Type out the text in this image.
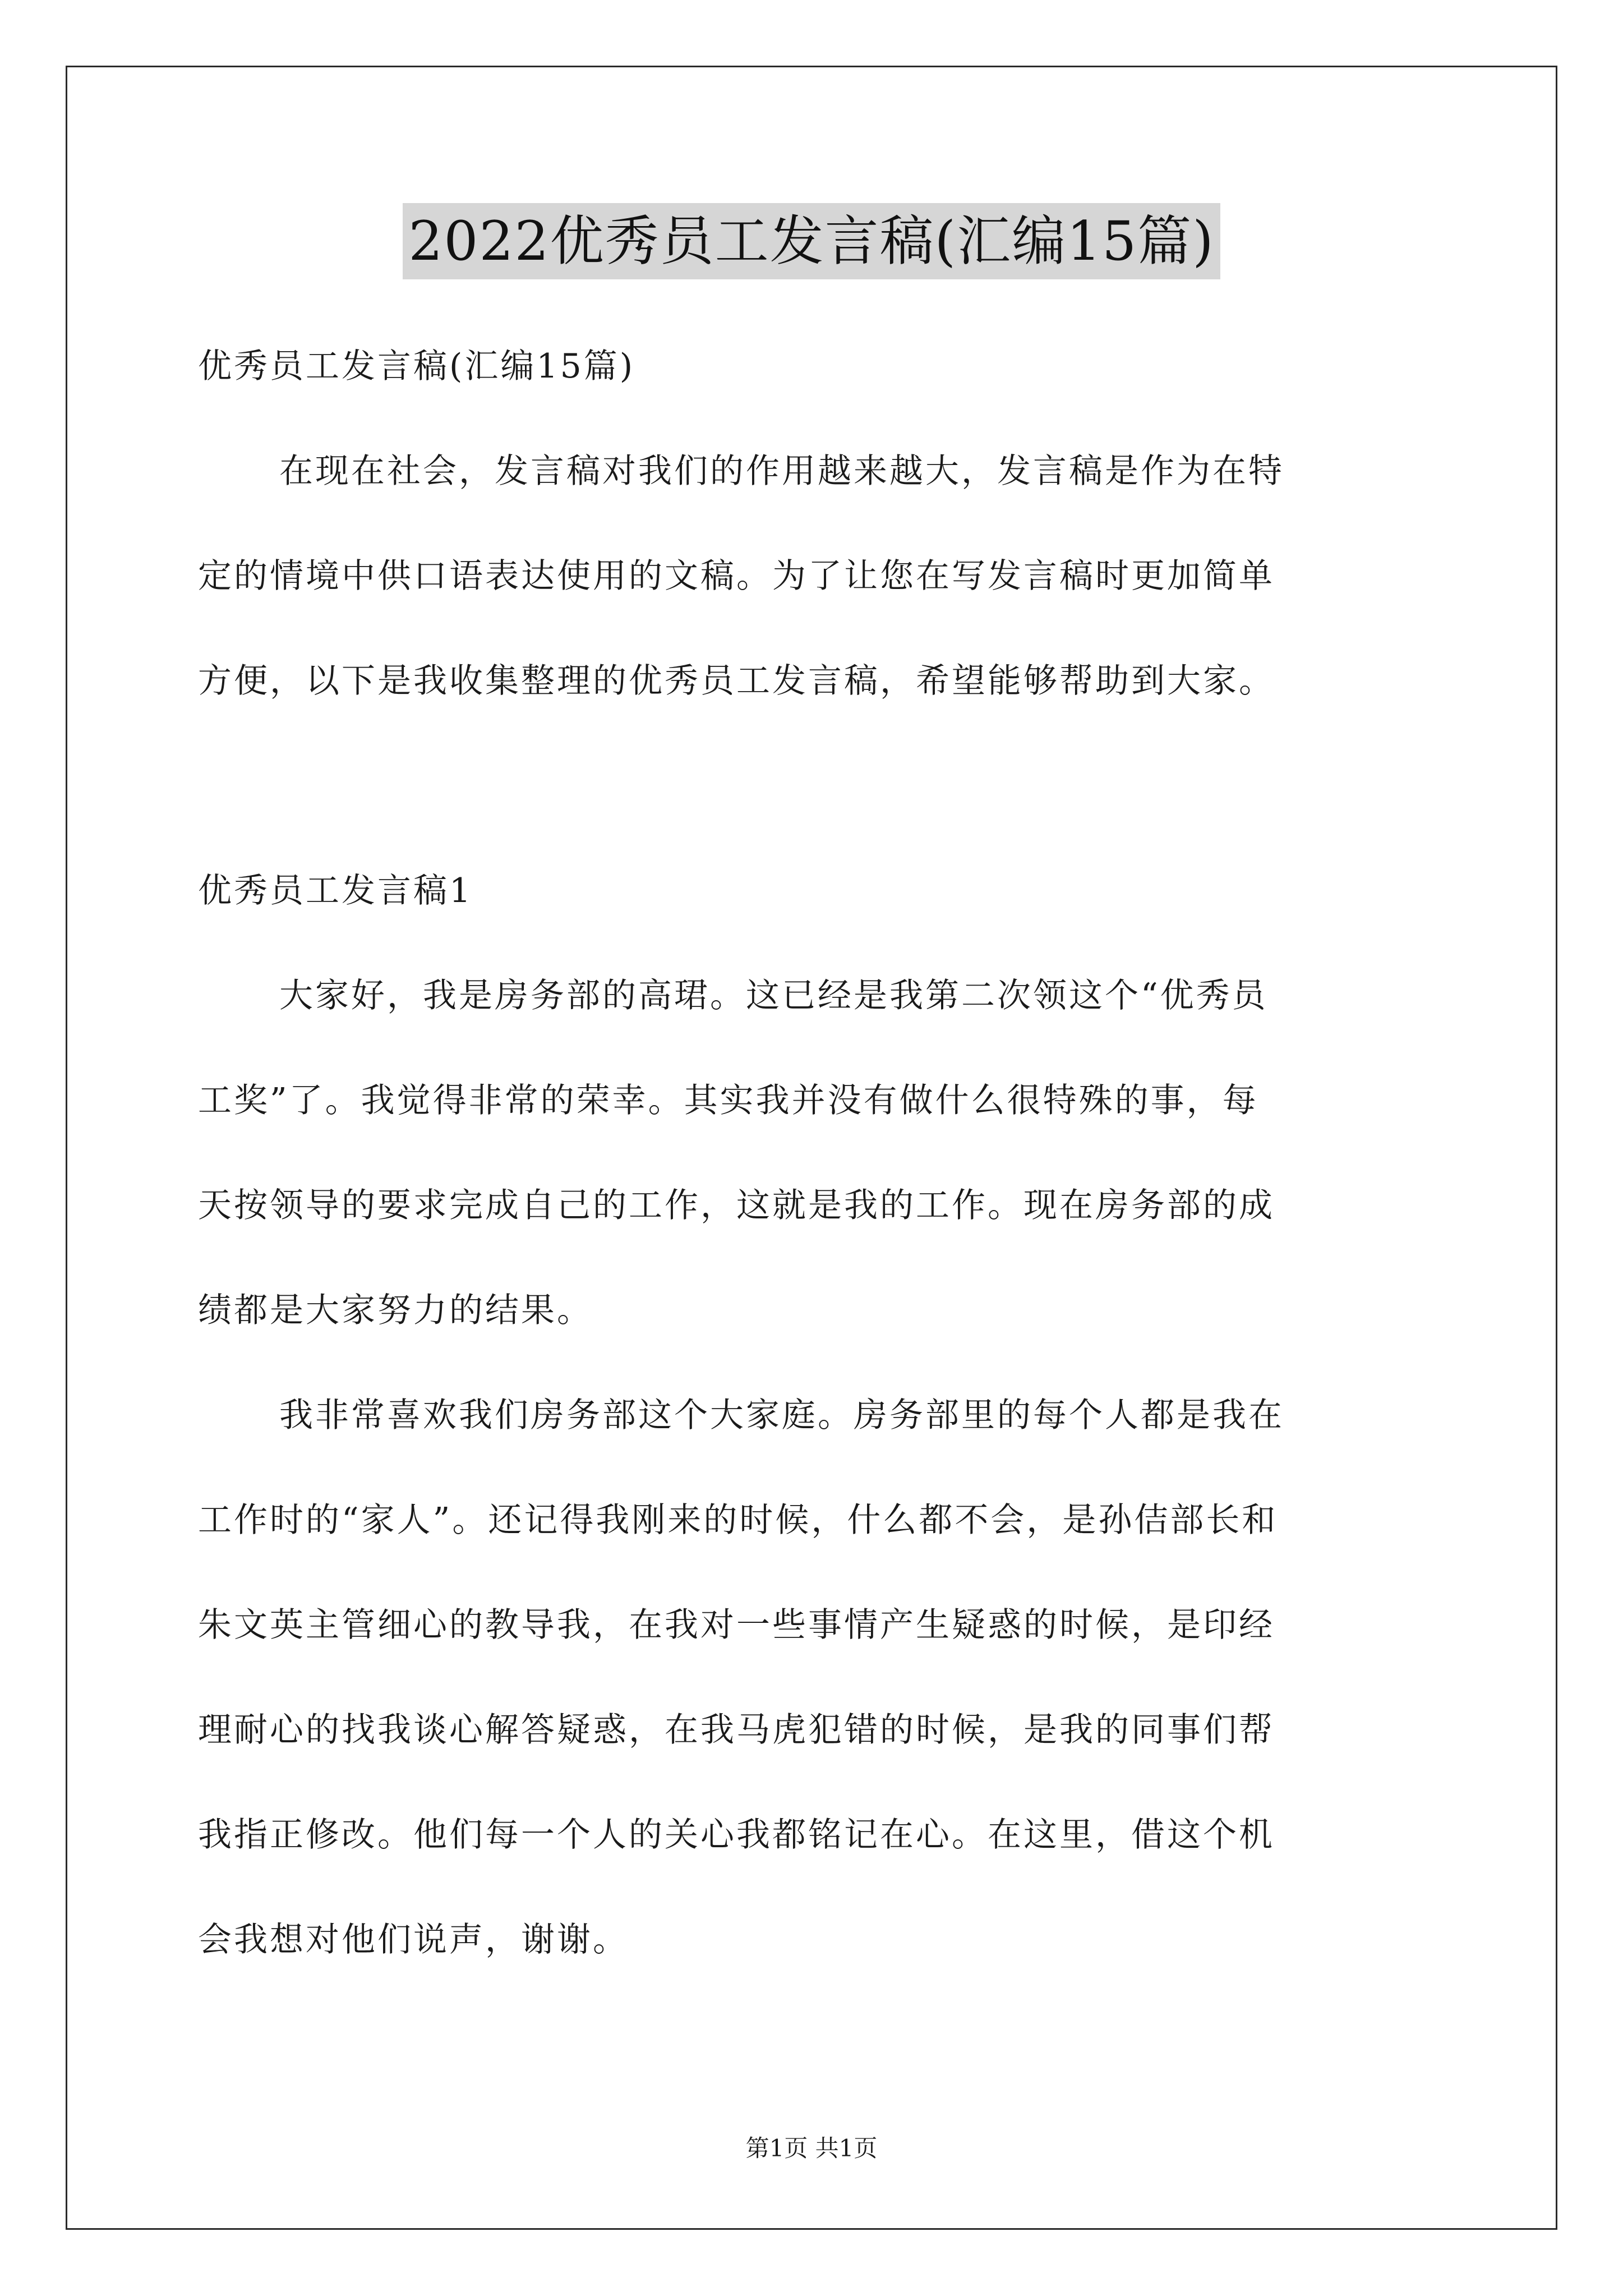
2022优秀员工发言稿(汇编15篇)
优秀员工发言稿(汇编15篇)
在现在社会，发言稿对我们的作用越来越大，发言稿是作为在特
定的情境中供口语表达使用的文稿。为了让您在写发言稿时更加简单
方便，以下是我收集整理的优秀员工发言稿，希望能够帮助到大家。
优秀员工发言稿1
大家好，我是房务部的高珺。这已经是我第二次领这个“优秀员
工奖”了。我觉得非常的荣幸。其实我并没有做什么很特殊的事，每
天按领导的要求完成自己的工作，这就是我的工作。现在房务部的成
绩都是大家努力的结果。
我非常喜欢我们房务部这个大家庭。房务部里的每个人都是我在
工作时的“家人”。还记得我刚来的时候，什么都不会，是孙佶部长和
朱文英主管细心的教导我，在我对一些事情产生疑惑的时候，是印经
理耐心的找我谈心解答疑惑，在我马虎犯错的时候，是我的同事们帮
我指正修改。他们每一个人的关心我都铭记在心。在这里，借这个机
会我想对他们说声，谢谢。
第1页 共1页
